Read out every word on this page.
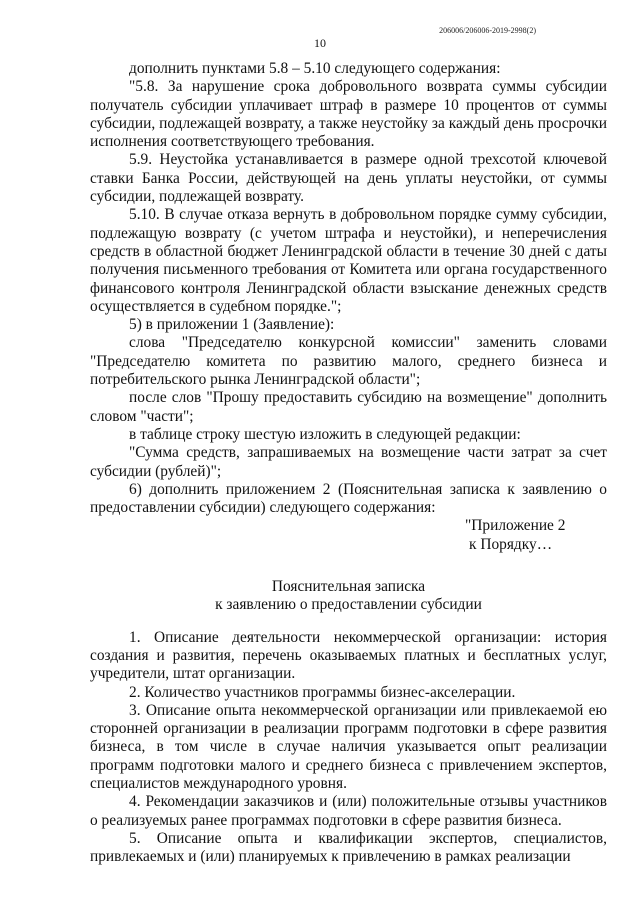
206006/206006-2019-2998(2)
10

дополнить пунктами 5.8 – 5.10 следующего содержания:

"5.8. За нарушение срока добровольного возврата суммы субсидии получатель субсидии уплачивает штраф в размере 10 процентов от суммы субсидии, подлежащей возврату, а также неустойку за каждый день просрочки исполнения соответствующего требования.

5.9. Неустойка устанавливается в размере одной трехсотой ключевой ставки Банка России, действующей на день уплаты неустойки, от суммы субсидии, подлежащей возврату.

5.10. В случае отказа вернуть в добровольном порядке сумму субсидии, подлежащую возврату (с учетом штрафа и неустойки), и неперечисления средств в областной бюджет Ленинградской области в течение 30 дней с даты получения письменного требования от Комитета или органа государственного финансового контроля Ленинградской области взыскание денежных средств осуществляется в судебном порядке.";

5) в приложении 1 (Заявление):

слова "Председателю конкурсной комиссии" заменить словами "Председателю комитета по развитию малого, среднего бизнеса и потребительского рынка Ленинградской области";

после слов "Прошу предоставить субсидию на возмещение" дополнить словом "части";

в таблице строку шестую изложить в следующей редакции:

"Сумма средств, запрашиваемых на возмещение части затрат за счет субсидии (рублей)";

6) дополнить приложением 2 (Пояснительная записка к заявлению о предоставлении субсидии) следующего содержания:

"Приложение 2

к Порядку…

Пояснительная записка

к заявлению о предоставлении субсидии

1. Описание деятельности некоммерческой организации: история создания и развития, перечень оказываемых платных и бесплатных услуг, учредители, штат организации.

2. Количество участников программы бизнес-акселерации.

3. Описание опыта некоммерческой организации или привлекаемой ею сторонней организации в реализации программ подготовки в сфере развития бизнеса, в том числе в случае наличия указывается опыт реализации программ подготовки малого и среднего бизнеса с привлечением экспертов, специалистов международного уровня.

4. Рекомендации заказчиков и (или) положительные отзывы участников о реализуемых ранее программах подготовки в сфере развития бизнеса.

5. Описание опыта и квалификации экспертов, специалистов, привлекаемых и (или) планируемых к привлечению в рамках реализации
